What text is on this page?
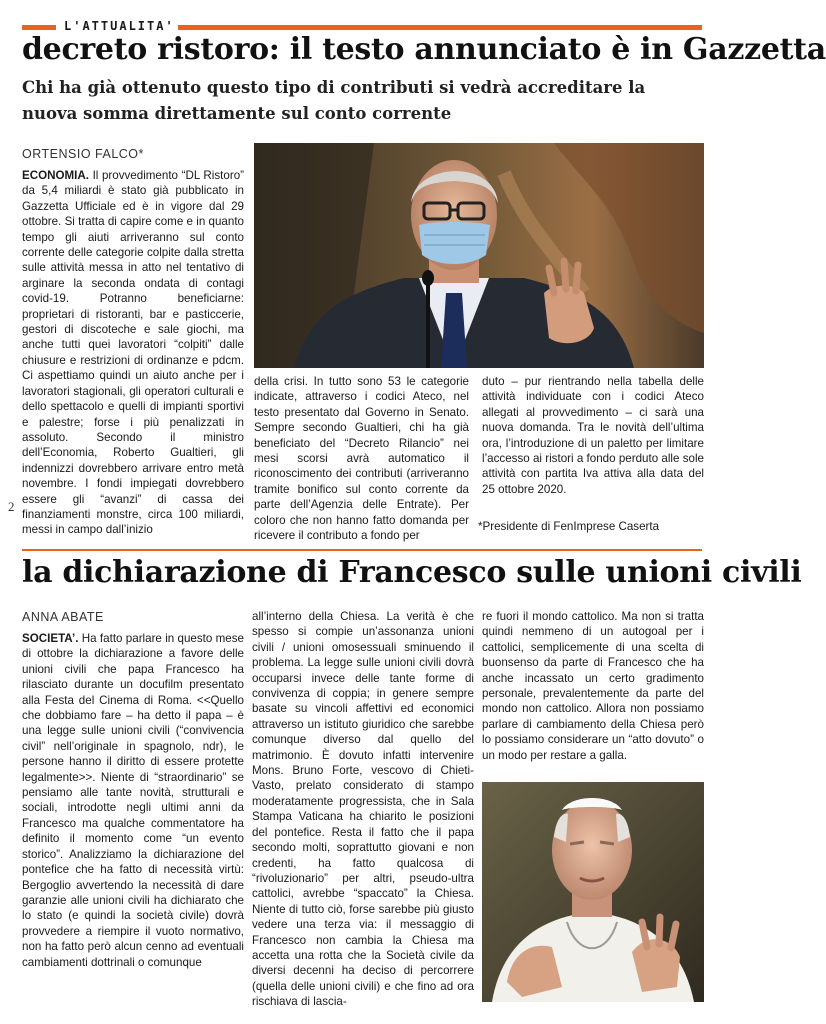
L'ATTUALITA'
decreto ristoro: il testo annunciato è in Gazzetta
Chi ha già ottenuto questo tipo di contributi si vedrà accreditare la nuova somma direttamente sul conto corrente
ORTENSIO FALCO*
ECONOMIA. Il provvedimento “DL Ristoro” da 5,4 miliardi è stato già pubblicato in Gazzetta Ufficiale ed è in vigore dal 29 ottobre. Si tratta di capire come e in quanto tempo gli aiuti arriveranno sul conto corrente delle categorie colpite dalla stretta sulle attività messa in atto nel tentativo di arginare la seconda ondata di contagi covid-19. Potranno beneficiarne: proprietari di ristoranti, bar e pasticcerie, gestori di discoteche e sale giochi, ma anche tutti quei lavoratori “colpiti” dalle chiusure e restrizioni di ordinanze e pdcm. Ci aspettiamo quindi un aiuto anche per i lavoratori stagionali, gli operatori culturali e dello spettacolo e quelli di impianti sportivi e palestre; forse i più penalizzati in assoluto. Secondo il ministro dell’Economia, Roberto Gualtieri, gli indennizzi dovrebbero arrivare entro metà novembre. I fondi impiegati dovrebbero essere gli “avanzi” di cassa dei finanziamenti monstre, circa 100 miliardi, messi in campo dall’inizio
della crisi. In tutto sono 53 le categorie indicate, attraverso i codici Ateco, nel testo presentato dal Governo in Senato. Sempre secondo Gualtieri, chi ha già beneficiato del “Decreto Rilancio” nei mesi scorsi avrà automatico il riconoscimento dei contributi (arriveranno tramite bonifico sul conto corrente da parte dell’Agenzia delle Entrate). Per coloro che non hanno fatto domanda per ricevere il contributo a fondo per
duto – pur rientrando nella tabella delle attività individuate con i codici Ateco allegati al provvedimento – ci sarà una nuova domanda. Tra le novità dell’ultima ora, l’introduzione di un paletto per limitare l’accesso ai ristori a fondo perduto alle sole attività con partita Iva attiva alla data del 25 ottobre 2020.
2
*Presidente di FenImprese Caserta
la dichiarazione di Francesco sulle unioni civili
ANNA ABATE
SOCIETA’. Ha fatto parlare in questo mese di ottobre la dichiarazione a favore delle unioni civili che papa Francesco ha rilasciato durante un docufilm presentato alla Festa del Cinema di Roma. <<Quello che dobbiamo fare – ha detto il papa – è una legge sulle unioni civili (“convivencia civil” nell’originale in spagnolo, ndr), le persone hanno il diritto di essere protette legalmente>>. Niente di “straordinario” se pensiamo alle tante novità, strutturali e sociali, introdotte negli ultimi anni da Francesco ma qualche commentatore ha definito il momento come “un evento storico”. Analizziamo la dichiarazione del pontefice che ha fatto di necessità virtù: Bergoglio avvertendo la necessità di dare garanzie alle unioni civili ha dichiarato che lo stato (e quindi la società civile) dovrà provvedere a riempire il vuoto normativo, non ha fatto però alcun cenno ad eventuali cambiamenti dottrinali o comunque
all’interno della Chiesa. La verità è che spesso si compie un’assonanza unioni civili / unioni omosessuali sminuendo il problema. La legge sulle unioni civili dovrà occuparsi invece delle tante forme di convivenza di coppia; in genere sempre basate su vincoli affettivi ed economici attraverso un istituto giuridico che sarebbe comunque diverso dal quello del matrimonio. È dovuto infatti intervenire Mons. Bruno Forte, vescovo di Chieti-Vasto, prelato considerato di stampo moderatamente progressista, che in Sala Stampa Vaticana ha chiarito le posizioni del pontefice. Resta il fatto che il papa secondo molti, soprattutto giovani e non credenti, ha fatto qualcosa di “rivoluzionario” per altri, pseudo-ultra cattolici, avrebbe “spaccato” la Chiesa. Niente di tutto ciò, forse sarebbe più giusto vedere una terza via: il messaggio di Francesco non cambia la Chiesa ma accetta una rotta che la Società civile da diversi decenni ha deciso di percorrere (quella delle unioni civili) e che fino ad ora rischiava di lascia-
re fuori il mondo cattolico. Ma non si tratta quindi nemmeno di un autogoal per i cattolici, semplicemente di una scelta di buonsenso da parte di Francesco che ha anche incassato un certo gradimento personale, prevalentemente da parte del mondo non cattolico. Allora non possiamo parlare di cambiamento della Chiesa però lo possiamo considerare un “atto dovuto” o un modo per restare a galla.
